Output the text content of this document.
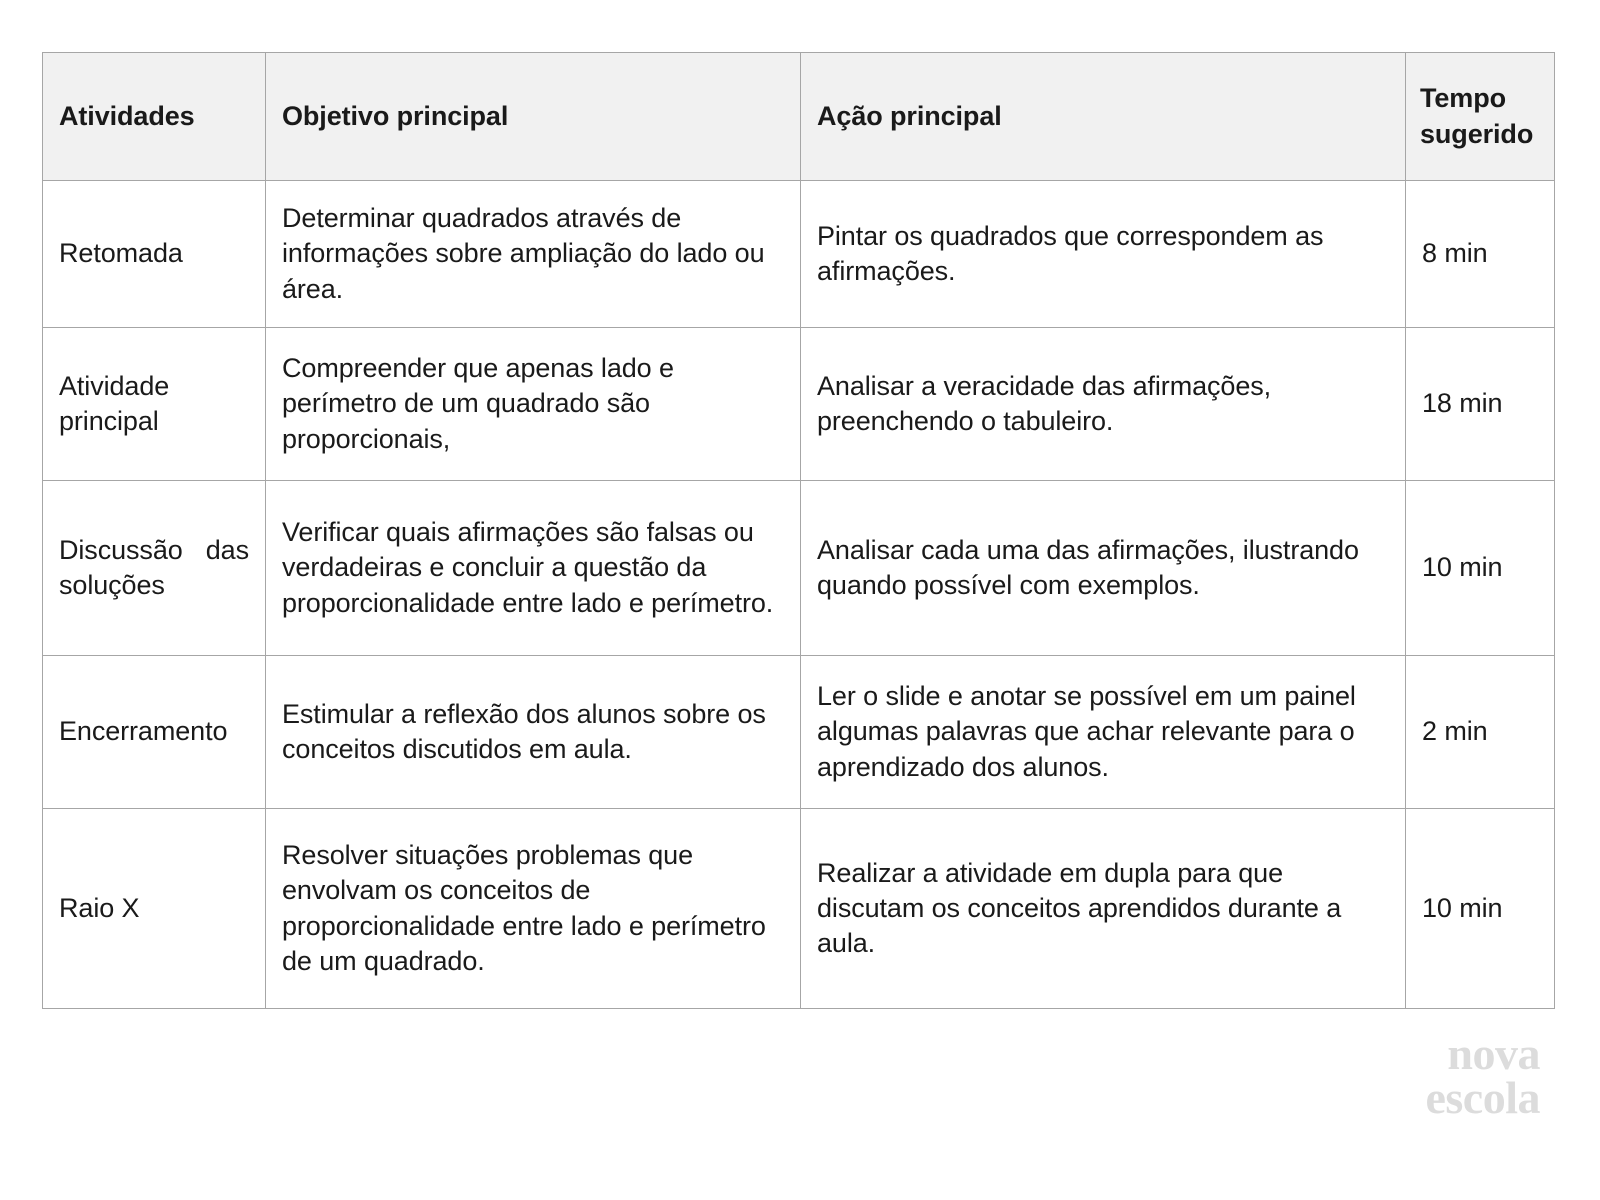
Atividades	Objetivo principal	Ação principal	Tempo sugerido
Retomada	Determinar quadrados através de informações sobre ampliação do lado ou área.	Pintar os quadrados que correspondem as afirmações.	8 min
Atividade principal	Compreender que apenas lado e perímetro de um quadrado são proporcionais,	Analisar a veracidade das afirmações, preenchendo o tabuleiro.	18 min
Discussão das soluções	Verificar quais afirmações são falsas ou verdadeiras e concluir a questão da proporcionalidade entre lado e perímetro.	Analisar cada uma das afirmações, ilustrando quando possível com exemplos.	10 min
Encerramento	Estimular a reflexão dos alunos sobre os conceitos discutidos em aula.	Ler o slide e anotar se possível em um painel algumas palavras que achar relevante para o aprendizado dos alunos.	2 min
Raio X	Resolver situações problemas que envolvam os conceitos de proporcionalidade entre lado e perímetro de um quadrado.	Realizar a atividade em dupla para que discutam os conceitos aprendidos durante a aula.	10 min
nova
escola
